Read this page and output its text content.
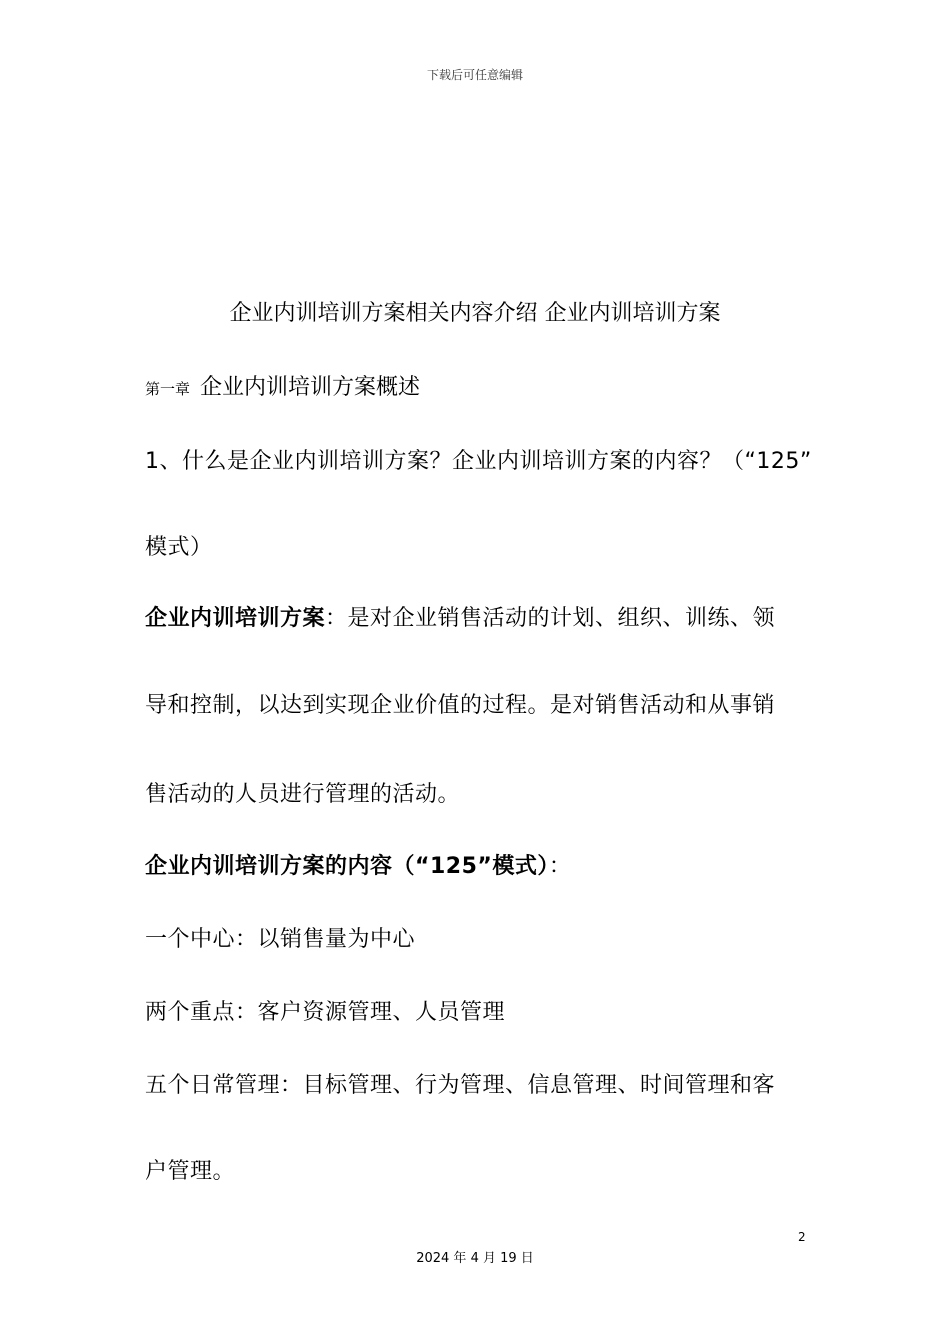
下载后可任意编辑
企业内训培训方案相关内容介绍 企业内训培训方案
第一章 企业内训培训方案概述
1、什么是企业内训培训方案？企业内训培训方案的内容？（“125”
模式）
企业内训培训方案：是对企业销售活动的计划、组织、训练、领
导和控制，以达到实现企业价值的过程。是对销售活动和从事销
售活动的人员进行管理的活动。
企业内训培训方案的内容（“125”模式）：
一个中心：以销售量为中心
两个重点：客户资源管理、人员管理
五个日常管理：目标管理、行为管理、信息管理、时间管理和客
户管理。
2
2024 年 4 月 19 日
